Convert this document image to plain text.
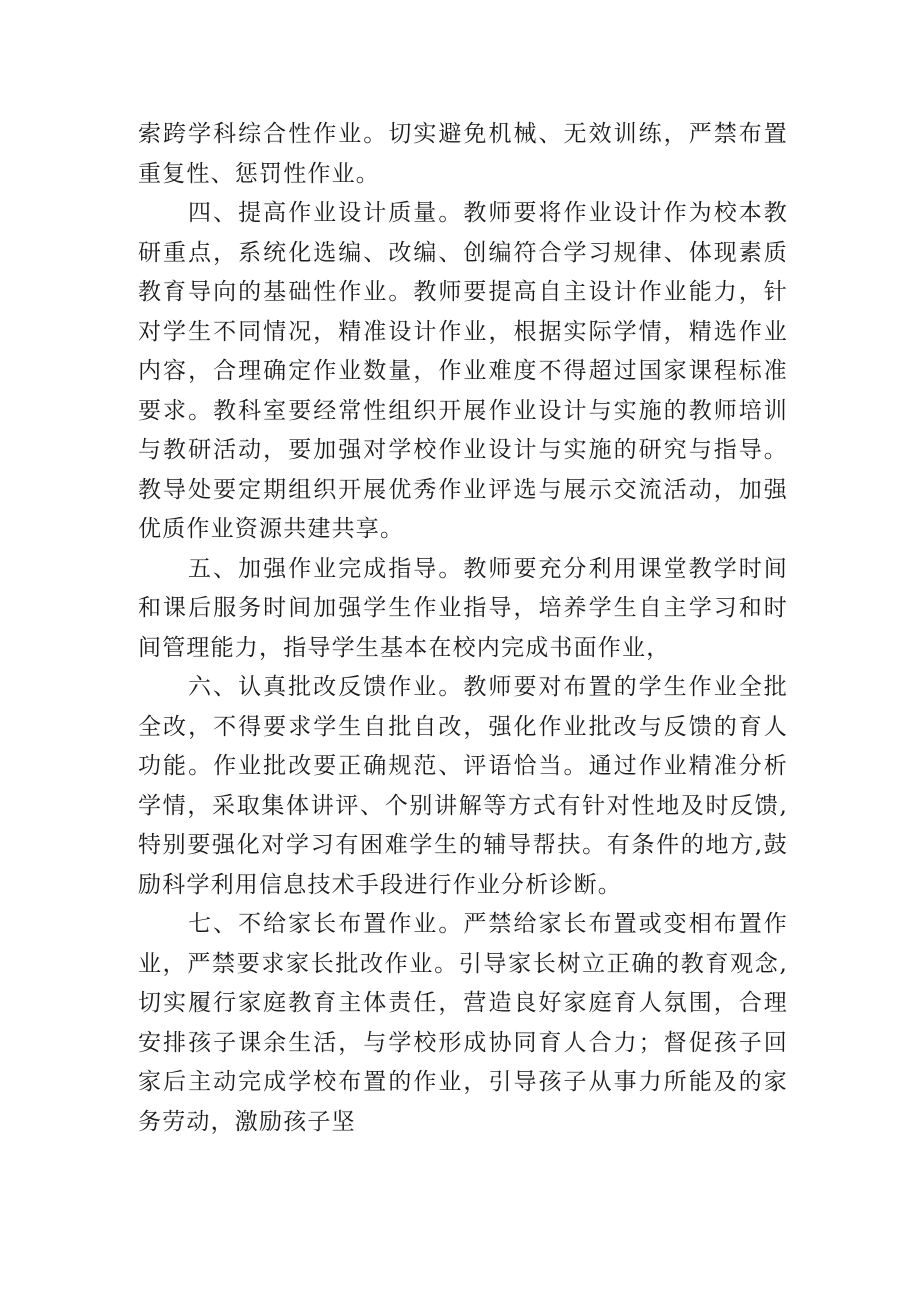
索跨学科综合性作业。切实避免机械、无效训练，严禁布置重复性、惩罚性作业。

四、提高作业设计质量。教师要将作业设计作为校本教研重点，系统化选编、改编、创编符合学习规律、体现素质教育导向的基础性作业。教师要提高自主设计作业能力，针对学生不同情况，精准设计作业，根据实际学情，精选作业内容，合理确定作业数量，作业难度不得超过国家课程标准要求。教科室要经常性组织开展作业设计与实施的教师培训与教研活动，要加强对学校作业设计与实施的研究与指导。教导处要定期组织开展优秀作业评选与展示交流活动，加强优质作业资源共建共享。

五、加强作业完成指导。教师要充分利用课堂教学时间和课后服务时间加强学生作业指导，培养学生自主学习和时间管理能力，指导学生基本在校内完成书面作业，

六、认真批改反馈作业。教师要对布置的学生作业全批全改，不得要求学生自批自改，强化作业批改与反馈的育人功能。作业批改要正确规范、评语恰当。通过作业精准分析学情，采取集体讲评、个别讲解等方式有针对性地及时反馈,特别要强化对学习有困难学生的辅导帮扶。有条件的地方,鼓励科学利用信息技术手段进行作业分析诊断。

七、不给家长布置作业。严禁给家长布置或变相布置作业，严禁要求家长批改作业。引导家长树立正确的教育观念,切实履行家庭教育主体责任，营造良好家庭育人氛围，合理安排孩子课余生活，与学校形成协同育人合力；督促孩子回家后主动完成学校布置的作业，引导孩子从事力所能及的家务劳动，激励孩子坚
